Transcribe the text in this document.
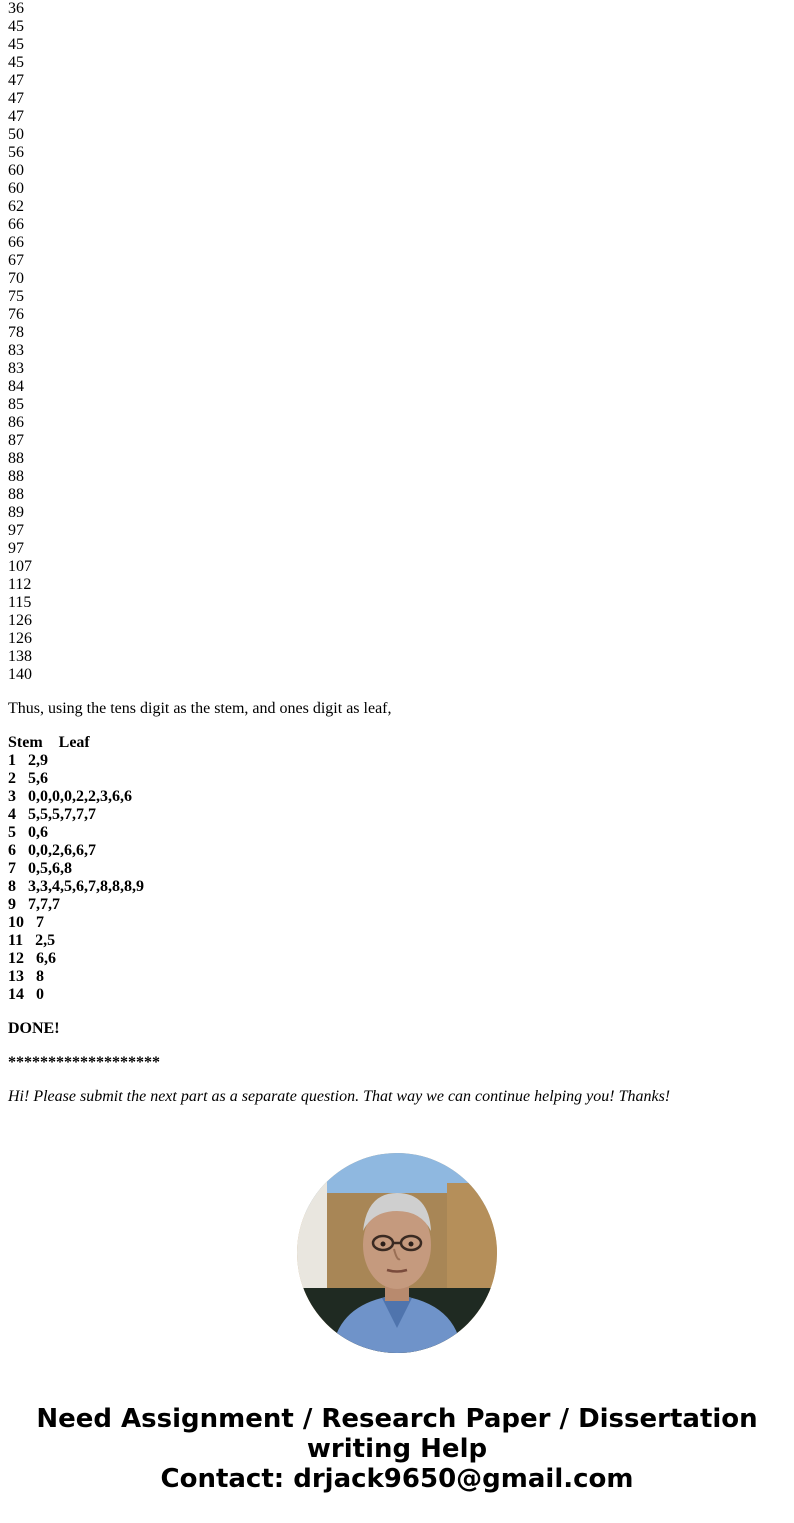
36
45
45
45
47
47
47
50
56
60
60
62
66
66
67
70
75
76
78
83
83
84
85
86
87
88
88
88
89
97
97
107
112
115
126
126
138
140

Thus, using the tens digit as the stem, and ones digit as leaf,

Stem    Leaf
1   2,9
2   5,6
3   0,0,0,0,2,2,3,6,6
4   5,5,5,7,7,7
5   0,6
6   0,0,2,6,6,7
7   0,5,6,8
8   3,3,4,5,6,7,8,8,8,9
9   7,7,7
10   7
11   2,5
12   6,6
13   8
14   0

DONE!

*******************

Hi! Please submit the next part as a separate question. That way we can continue helping you! Thanks!

Need Assignment / Research Paper / Dissertation
writing Help
Contact: drjack9650@gmail.com
